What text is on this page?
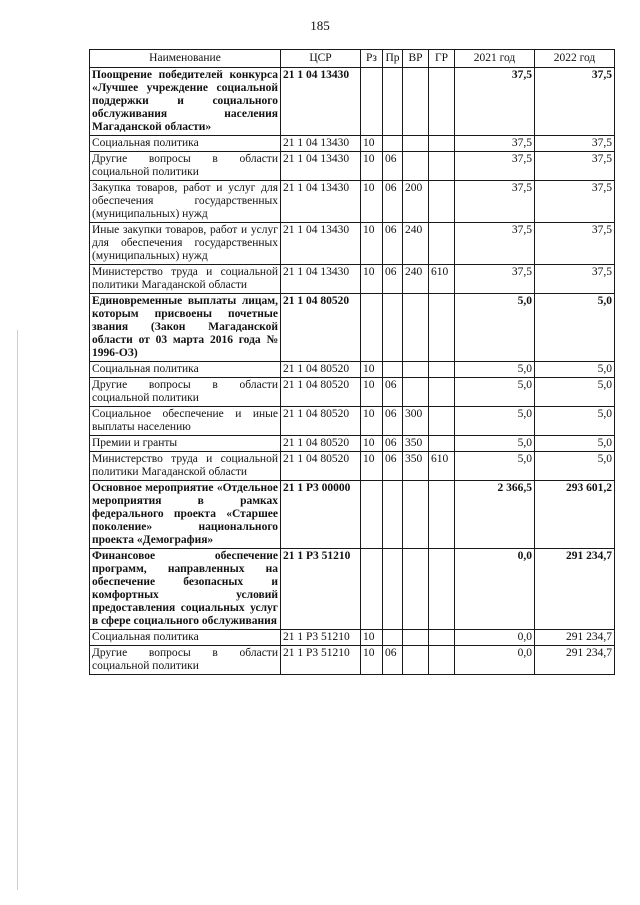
185
Наименование	ЦСР	Рз	Пр	ВР	ГР	2021 год	2022 год
Поощрение победителей конкурса «Лучшее учреждение социальной поддержки и социального обслуживания населения Магаданской области»	21 1 04 13430					37,5	37,5
Социальная политика	21 1 04 13430	10				37,5	37,5
Другие вопросы в области социальной политики	21 1 04 13430	10	06			37,5	37,5
Закупка товаров, работ и услуг для обеспечения государственных (муниципальных) нужд	21 1 04 13430	10	06	200		37,5	37,5
Иные закупки товаров, работ и услуг для обеспечения государственных (муниципальных) нужд	21 1 04 13430	10	06	240		37,5	37,5
Министерство труда и социальной политики Магаданской области	21 1 04 13430	10	06	240	610	37,5	37,5
Единовременные выплаты лицам, которым присвоены почетные звания (Закон Магаданской области от 03 марта 2016 года № 1996-ОЗ)	21 1 04 80520					5,0	5,0
Социальная политика	21 1 04 80520	10				5,0	5,0
Другие вопросы в области социальной политики	21 1 04 80520	10	06			5,0	5,0
Социальное обеспечение и иные выплаты населению	21 1 04 80520	10	06	300		5,0	5,0
Премии и гранты	21 1 04 80520	10	06	350		5,0	5,0
Министерство труда и социальной политики Магаданской области	21 1 04 80520	10	06	350	610	5,0	5,0
Основное мероприятие «Отдельное мероприятия в рамках федерального проекта «Старшее поколение» национального проекта «Демография»	21 1 Р3 00000					2 366,5	293 601,2
Финансовое обеспечение программ, направленных на обеспечение безопасных и комфортных условий предоставления социальных услуг в сфере социального обслуживания	21 1 Р3 51210					0,0	291 234,7
Социальная политика	21 1 Р3 51210	10				0,0	291 234,7
Другие вопросы в области социальной политики	21 1 Р3 51210	10	06			0,0	291 234,7
